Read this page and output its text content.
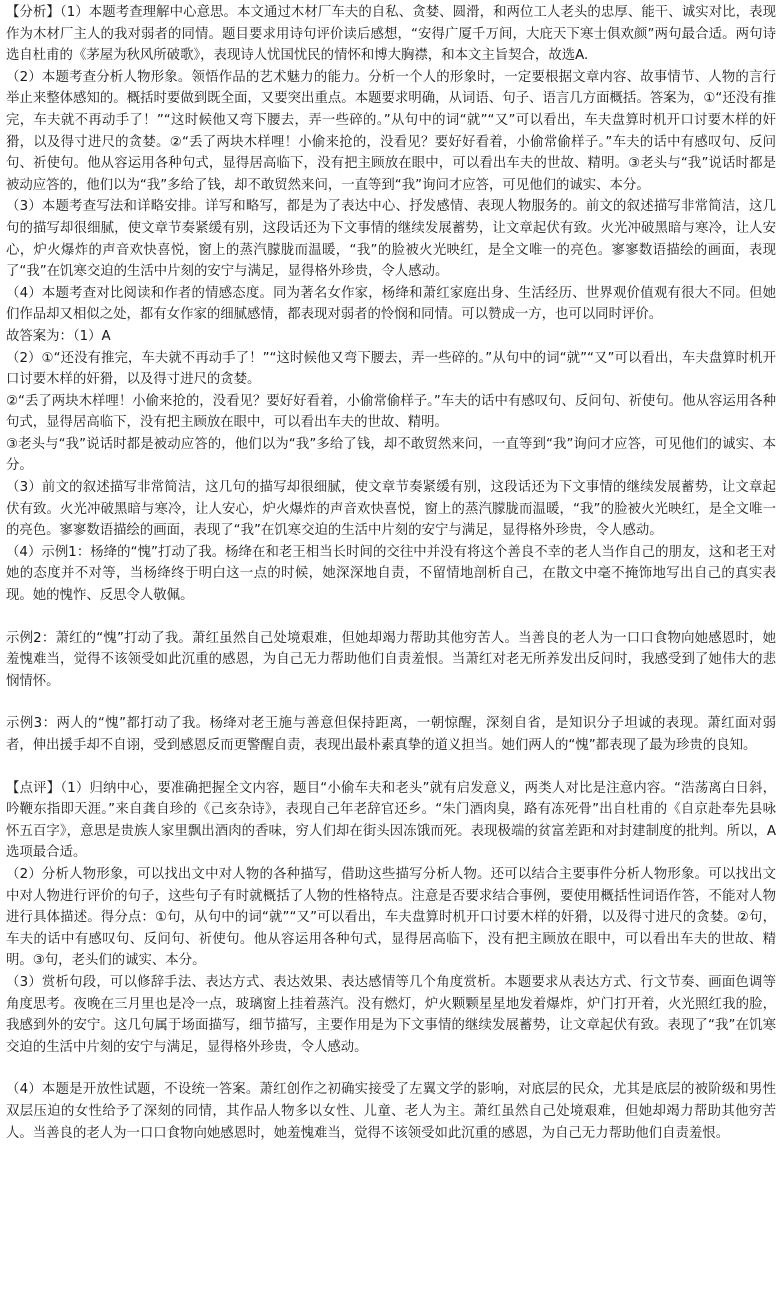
【分析】（1）本题考查理解中心意思。本文通过木材厂车夫的自私、贪婪、圆滑，和两位工人老头的忠厚、能干、诚实对比，表现作为木材厂主人的我对弱者的同情。题目要求用诗句评价读后感想，“安得广厦千万间，大庇天下寒士俱欢颜”两句最合适。两句诗选自杜甫的《茅屋为秋风所破歌》，表现诗人忧国忧民的情怀和博大胸襟，和本文主旨契合，故选A.

（2）本题考查分析人物形象。领悟作品的艺术魅力的能力。分析一个人的形象时，一定要根据文章内容、故事情节、人物的言行举止来整体感知的。概括时要做到既全面，又要突出重点。本题要求明确，从词语、句子、语言几方面概括。答案为，①“还没有推完，车夫就不再动手了！”“这时候他又弯下腰去，弄一些碎的。”从句中的词“就”“又”可以看出，车夫盘算时机开口讨要木样的奸猾，以及得寸进尺的贪婪。②“丢了两块木样哩！小偷来抢的，没看见？要好好看着，小偷常偷样子。”车夫的话中有感叹句、反问句、祈使句。他从容运用各种句式，显得居高临下，没有把主顾放在眼中，可以看出车夫的世故、精明。③老头与“我”说话时都是被动应答的，他们以为“我”多给了钱，却不敢贸然来问，一直等到“我”询问才应答，可见他们的诚实、本分。

（3）本题考查写法和详略安排。详写和略写，都是为了表达中心、抒发感情、表现人物服务的。前文的叙述描写非常简洁，这几句的描写却很细腻，使文章节奏紧缓有别，这段话还为下文事情的继续发展蓄势，让文章起伏有致。火光冲破黑暗与寒冷，让人安心，炉火爆炸的声音欢快喜悦，窗上的蒸汽朦胧而温暖，“我”的脸被火光映红，是全文唯一的亮色。寥寥数语描绘的画面，表现了“我”在饥寒交迫的生活中片刻的安宁与满足，显得格外珍贵，令人感动。

（4）本题考查对比阅读和作者的情感态度。同为著名女作家，杨绛和萧红家庭出身、生活经历、世界观价值观有很大不同。但她们作品却又相似之处，都有女作家的细腻感情，都表现对弱者的怜悯和同情。可以赞成一方，也可以同时评价。

故答案为：（1）A

（2）①“还没有推完，车夫就不再动手了！”“这时候他又弯下腰去，弄一些碎的。”从句中的词“就”“又”可以看出，车夫盘算时机开口讨要木样的奸猾，以及得寸进尺的贪婪。

②“丢了两块木样哩！小偷来抢的，没看见？要好好看着，小偷常偷样子。”车夫的话中有感叹句、反问句、祈使句。他从容运用各种句式，显得居高临下，没有把主顾放在眼中，可以看出车夫的世故、精明。

③老头与“我”说话时都是被动应答的，他们以为“我”多给了钱，却不敢贸然来问，一直等到“我”询问才应答，可见他们的诚实、本分。

（3）前文的叙述描写非常简洁，这几句的描写却很细腻，使文章节奏紧缓有别，这段话还为下文事情的继续发展蓄势，让文章起伏有致。火光冲破黑暗与寒冷，让人安心，炉火爆炸的声音欢快喜悦，窗上的蒸汽朦胧而温暖，“我”的脸被火光映红，是全文唯一的亮色。寥寥数语描绘的画面，表现了“我”在饥寒交迫的生活中片刻的安宁与满足，显得格外珍贵，令人感动。

（4）示例1：杨绛的“愧”打动了我。杨绛在和老王相当长时间的交往中并没有将这个善良不幸的老人当作自己的朋友，这和老王对她的态度并不对等，当杨绛终于明白这一点的时候，她深深地自责，不留情地剖析自己，在散文中毫不掩饰地写出自己的真实表现。她的愧怍、反思令人敬佩。

示例2：萧红的“愧”打动了我。萧红虽然自己处境艰难，但她却竭力帮助其他穷苦人。当善良的老人为一口口食物向她感恩时，她羞愧难当，觉得不该领受如此沉重的感恩，为自己无力帮助他们自责羞恨。当萧红对老无所养发出反问时，我感受到了她伟大的悲悯情怀。

示例3：两人的“愧”都打动了我。杨绛对老王施与善意但保持距离，一朝惊醒，深刻自省，是知识分子坦诚的表现。萧红面对弱者，伸出援手却不自诩，受到感恩反而更警醒自责，表现出最朴素真挚的道义担当。她们两人的“愧”都表现了最为珍贵的良知。

【点评】（1）归纳中心，要准确把握全文内容，题目“小偷车夫和老头”就有启发意义，两类人对比是注意内容。“浩荡离白日斜，吟鞭东指即天涯。”来自龚自珍的《己亥杂诗》，表现自己年老辞官还乡。“朱门酒肉臭，路有冻死骨”出自杜甫的《自京赴奉先县咏怀五百字》，意思是贵族人家里飘出酒肉的香味，穷人们却在街头因冻饿而死。表现极端的贫富差距和对封建制度的批判。所以，A选项最合适。

（2）分析人物形象，可以找出文中对人物的各种描写，借助这些描写分析人物。还可以结合主要事件分析人物形象。可以找出文中对人物进行评价的句子，这些句子有时就概括了人物的性格特点。注意是否要求结合事例，要使用概括性词语作答，不能对人物进行具体描述。得分点：①句，从句中的词“就”“又”可以看出，车夫盘算时机开口讨要木样的奸猾，以及得寸进尺的贪婪。②句，车夫的话中有感叹句、反问句、祈使句。他从容运用各种句式，显得居高临下，没有把主顾放在眼中，可以看出车夫的世故、精明。③句，老头们的诚实、本分。

（3）赏析句段，可以修辞手法、表达方式、表达效果、表达感情等几个角度赏析。本题要求从表达方式、行文节奏、画面色调等角度思考。夜晚在三月里也是冷一点，玻璃窗上挂着蒸汽。没有燃灯，炉火颗颗星星地发着爆炸，炉门打开着，火光照红我的脸，我感到外的安宁。这几句属于场面描写，细节描写，主要作用是为下文事情的继续发展蓄势，让文章起伏有致。表现了“我”在饥寒交迫的生活中片刻的安宁与满足，显得格外珍贵，令人感动。

（4）本题是开放性试题，不设统一答案。萧红创作之初确实接受了左翼文学的影响，对底层的民众，尤其是底层的被阶级和男性双层压迫的女性给予了深刻的同情，其作品人物多以女性、儿童、老人为主。萧红虽然自己处境艰难，但她却竭力帮助其他穷苦人。当善良的老人为一口口食物向她感恩时，她羞愧难当，觉得不该领受如此沉重的感恩，为自己无力帮助他们自责羞恨。
